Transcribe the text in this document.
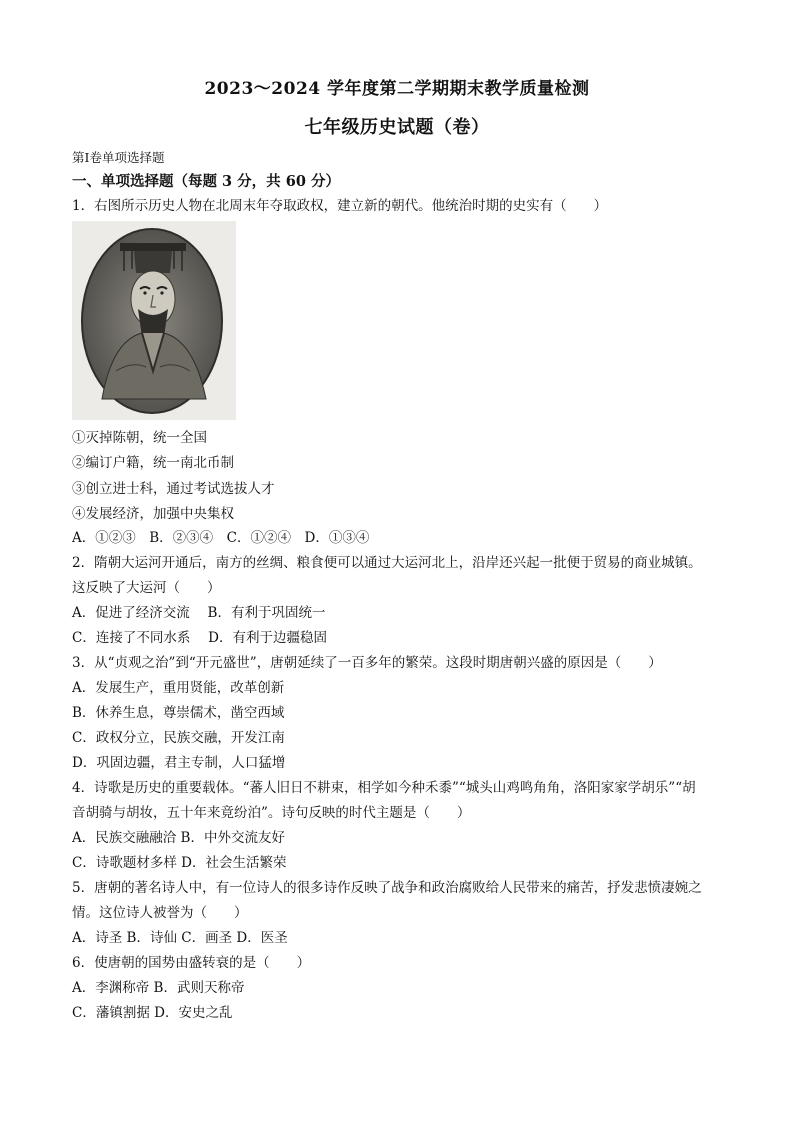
2023～2024 学年度第二学期期末教学质量检测
七年级历史试题（卷）
第Ⅰ卷单项选择题
一、单项选择题（每题 3 分，共 60 分）
1．右图所示历史人物在北周末年夺取政权，建立新的朝代。他统治时期的史实有（　　）
①灭掉陈朝，统一全国
②编订户籍，统一南北币制
③创立进士科，通过考试选拔人才
④发展经济，加强中央集权
A．①②③　B．②③④　C．①②④　D．①③④
2．隋朝大运河开通后，南方的丝绸、粮食便可以通过大运河北上，沿岸还兴起一批便于贸易的商业城镇。
这反映了大运河（　　）
A．促进了经济交流　 B．有利于巩固统一
C．连接了不同水系　 D．有利于边疆稳固
3．从“贞观之治”到“开元盛世”，唐朝延续了一百多年的繁荣。这段时期唐朝兴盛的原因是（　　）
A．发展生产，重用贤能，改革创新
B．休养生息，尊崇儒术，凿空西域
C．政权分立，民族交融，开发江南
D．巩固边疆，君主专制，人口猛增
4．诗歌是历史的重要载体。“蕃人旧日不耕束，相学如今种禾黍”“城头山鸡鸣角角，洛阳家家学胡乐”“胡
音胡骑与胡妆，五十年来竟纷泊”。诗句反映的时代主题是（　　）
A．民族交融融洽 B．中外交流友好
C．诗歌题材多样 D．社会生活繁荣
5．唐朝的著名诗人中，有一位诗人的很多诗作反映了战争和政治腐败给人民带来的痛苦，抒发悲愤凄婉之
情。这位诗人被誉为（　　）
A．诗圣 B．诗仙 C．画圣 D．医圣
6．使唐朝的国势由盛转衰的是（　　）
A．李渊称帝 B．武则天称帝
C．藩镇割据 D．安史之乱
